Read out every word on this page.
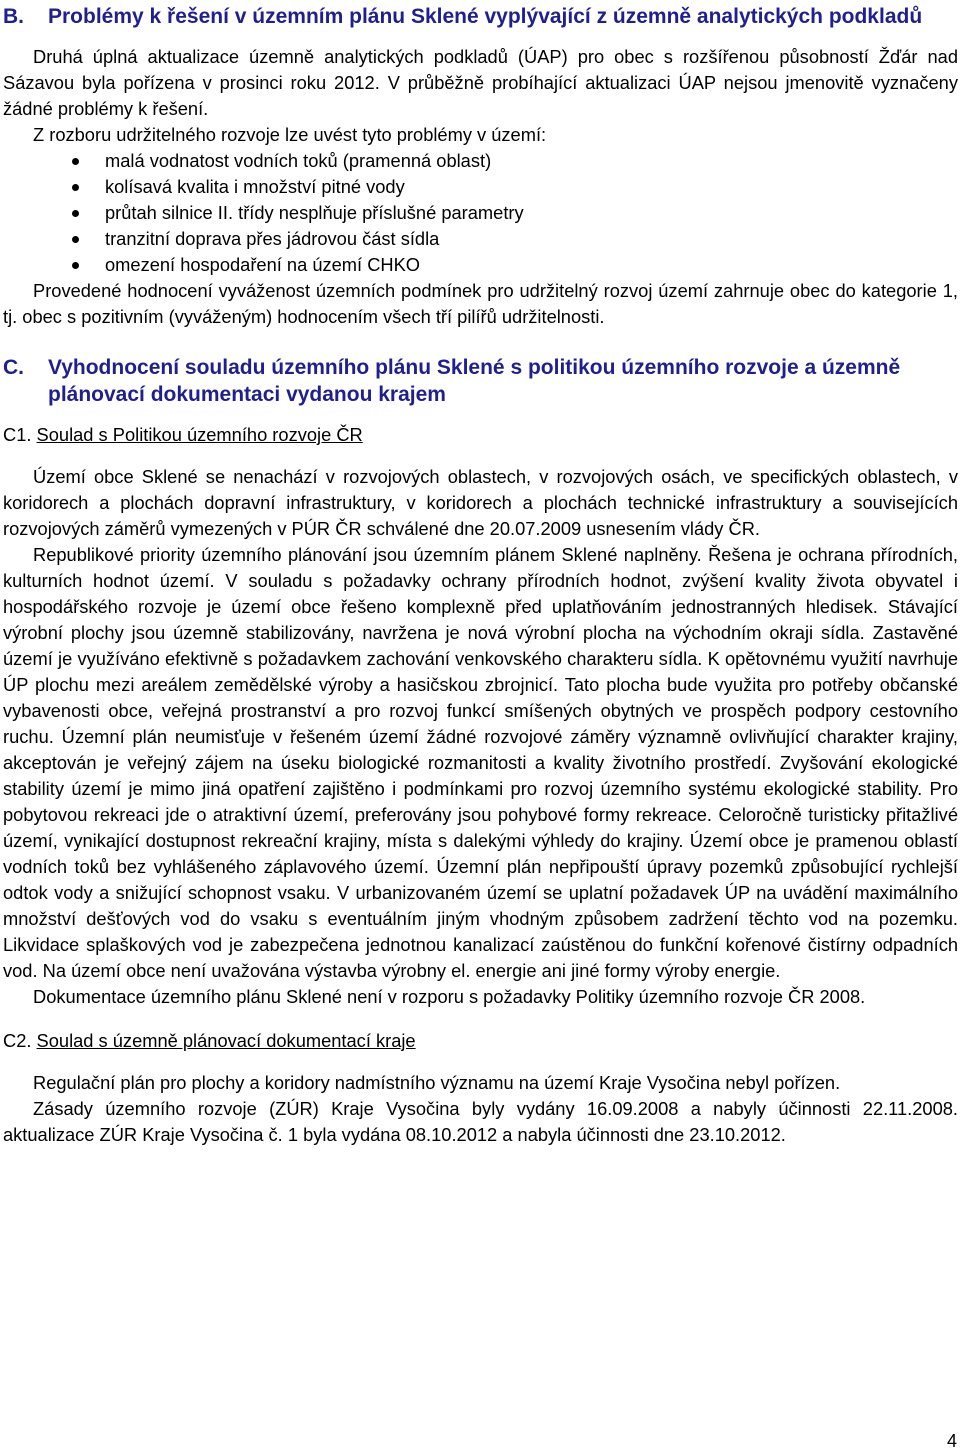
B.	Problémy k řešení v územním plánu Sklené vyplývající z územně analytických podkladů

Druhá úplná aktualizace územně analytických podkladů (ÚAP) pro obec s rozšířenou působností Žďár nad Sázavou byla pořízena v prosinci roku 2012. V průběžně probíhající aktualizaci ÚAP nejsou jmenovitě vyznačeny žádné problémy k řešení.

Z rozboru udržitelného rozvoje lze uvést tyto problémy v území:

malá vodnatost vodních toků (pramenná oblast)
kolísavá kvalita i množství pitné vody
průtah silnice II. třídy nesplňuje příslušné parametry
tranzitní doprava přes jádrovou část sídla
omezení hospodaření na území CHKO

Provedené hodnocení vyváženost územních podmínek pro udržitelný rozvoj území zahrnuje obec do kategorie 1, tj. obec s pozitivním (vyváženým) hodnocením všech tří pilířů udržitelnosti.

C.	Vyhodnocení souladu územního plánu Sklené s politikou územního rozvoje a územně plánovací dokumentaci vydanou krajem
C1. Soulad s Politikou územního rozvoje ČR

Území obce Sklené se nenachází v rozvojových oblastech, v rozvojových osách, ve specifických oblastech, v koridorech a plochách dopravní infrastruktury, v koridorech a plochách technické infrastruktury a souvisejících rozvojových záměrů vymezených v PÚR ČR schválené dne 20.07.2009 usnesením vlády ČR.

Republikové priority územního plánování jsou územním plánem Sklené naplněny. Řešena je ochrana přírodních, kulturních hodnot území. V souladu s požadavky ochrany přírodních hodnot, zvýšení kvality života obyvatel i hospodářského rozvoje je území obce řešeno komplexně před uplatňováním jednostranných hledisek. Stávající výrobní plochy jsou územně stabilizovány, navržena je nová výrobní plocha na východním okraji sídla. Zastavěné území je využíváno efektivně s požadavkem zachování venkovského charakteru sídla. K opětovnému využití navrhuje ÚP plochu mezi areálem zemědělské výroby a hasičskou zbrojnicí. Tato plocha bude využita pro potřeby občanské vybavenosti obce, veřejná prostranství a pro rozvoj funkcí smíšených obytných ve prospěch podpory cestovního ruchu. Územní plán neumisťuje v řešeném území žádné rozvojové záměry významně ovlivňující charakter krajiny, akceptován je veřejný zájem na úseku biologické rozmanitosti a kvality životního prostředí. Zvyšování ekologické stability území je mimo jiná opatření zajištěno i podmínkami pro rozvoj územního systému ekologické stability. Pro pobytovou rekreaci jde o atraktivní území, preferovány jsou pohybové formy rekreace. Celoročně turisticky přitažlivé území, vynikající dostupnost rekreační krajiny, místa s dalekými výhledy do krajiny. Území obce je pramenou oblastí vodních toků bez vyhlášeného záplavového území. Územní plán nepřipouští úpravy pozemků způsobující rychlejší odtok vody a snižující schopnost vsaku. V urbanizovaném území se uplatní požadavek ÚP na uvádění maximálního množství dešťových vod do vsaku s eventuálním jiným vhodným způsobem zadržení těchto vod na pozemku. Likvidace splaškových vod je zabezpečena jednotnou kanalizací zaústěnou do funkční kořenové čistírny odpadních vod. Na území obce není uvažována výstavba výrobny el. energie ani jiné formy výroby energie.

Dokumentace územního plánu Sklené není v rozporu s požadavky Politiky územního rozvoje ČR 2008.

C2. Soulad s územně plánovací dokumentací kraje

Regulační plán pro plochy a koridory nadmístního významu na území Kraje Vysočina nebyl pořízen.

Zásady územního rozvoje (ZÚR) Kraje Vysočina byly vydány 16.09.2008 a nabyly účinnosti 22.11.2008. aktualizace ZÚR Kraje Vysočina č. 1 byla vydána 08.10.2012 a nabyla účinnosti dne 23.10.2012.

4
